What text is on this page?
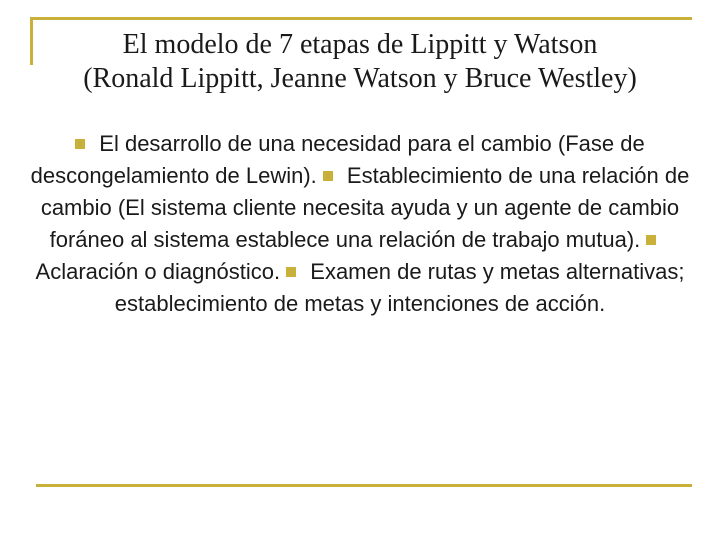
El modelo de 7 etapas de Lippitt y Watson
(Ronald Lippitt, Jeanne Watson y Bruce Westley)
El desarrollo de una necesidad para el cambio (Fase de descongelamiento de Lewin). Establecimiento de una relación de cambio (El sistema cliente necesita ayuda y un agente de cambio foráneo al sistema establece una relación de trabajo mutua). Aclaración o diagnóstico. Examen de rutas y metas alternativas; establecimiento de metas y intenciones de acción.
